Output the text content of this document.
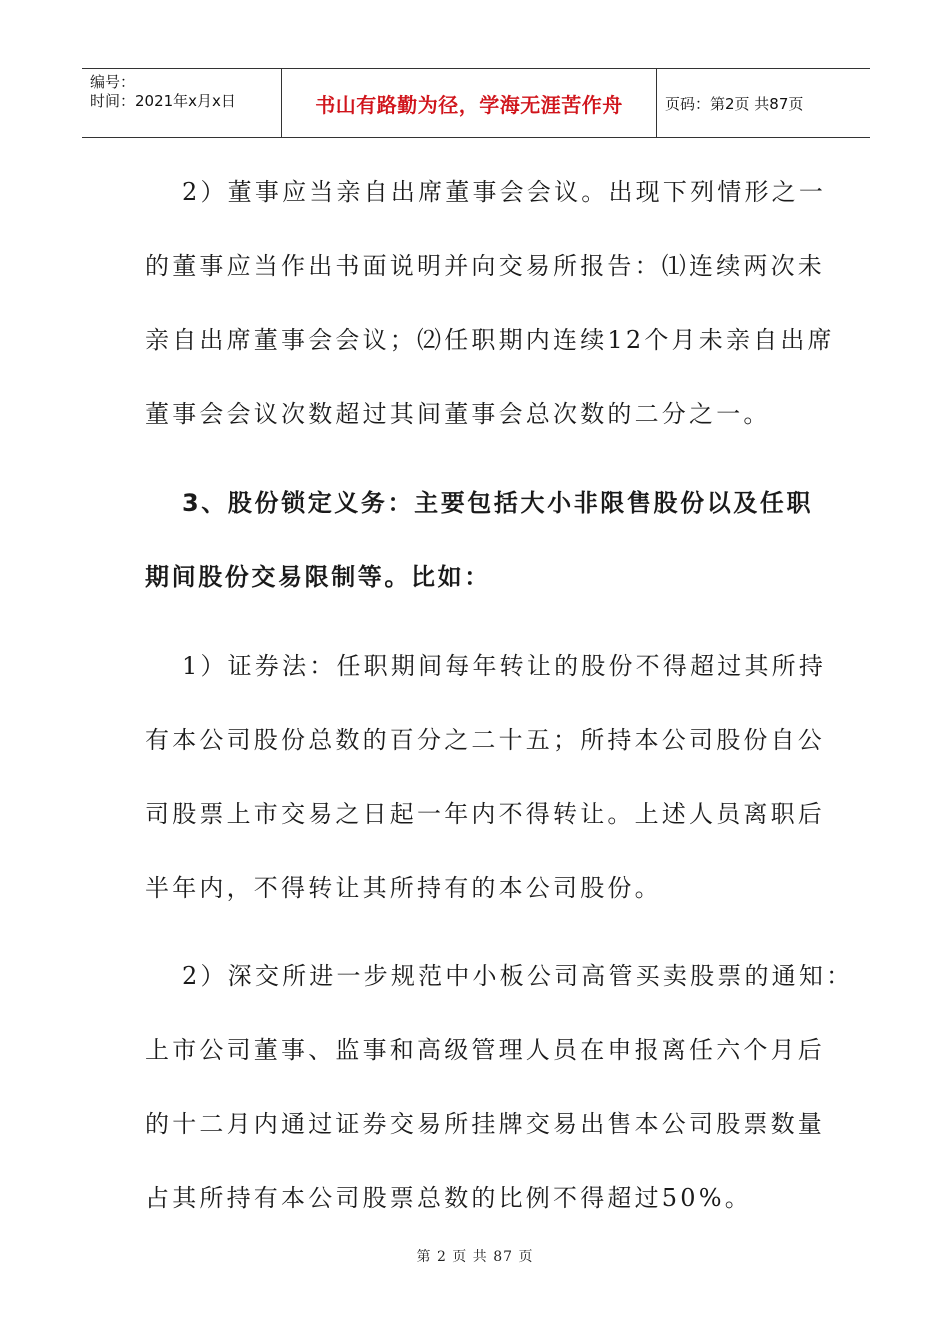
编号：
时间：2021年x月x日	书山有路勤为径，学海无涯苦作舟	页码：第2页 共87页
2）董事应当亲自出席董事会会议。出现下列情形之一
的董事应当作出书面说明并向交易所报告：⑴连续两次未
亲自出席董事会会议；⑵任职期内连续12个月未亲自出席
董事会会议次数超过其间董事会总次数的二分之一。
3、股份锁定义务：主要包括大小非限售股份以及任职
期间股份交易限制等。比如：
1）证券法：任职期间每年转让的股份不得超过其所持
有本公司股份总数的百分之二十五；所持本公司股份自公
司股票上市交易之日起一年内不得转让。上述人员离职后
半年内，不得转让其所持有的本公司股份。
2）深交所进一步规范中小板公司高管买卖股票的通知：
上市公司董事、监事和高级管理人员在申报离任六个月后
的十二月内通过证券交易所挂牌交易出售本公司股票数量
占其所持有本公司股票总数的比例不得超过50%。
第 2 页 共 87 页
